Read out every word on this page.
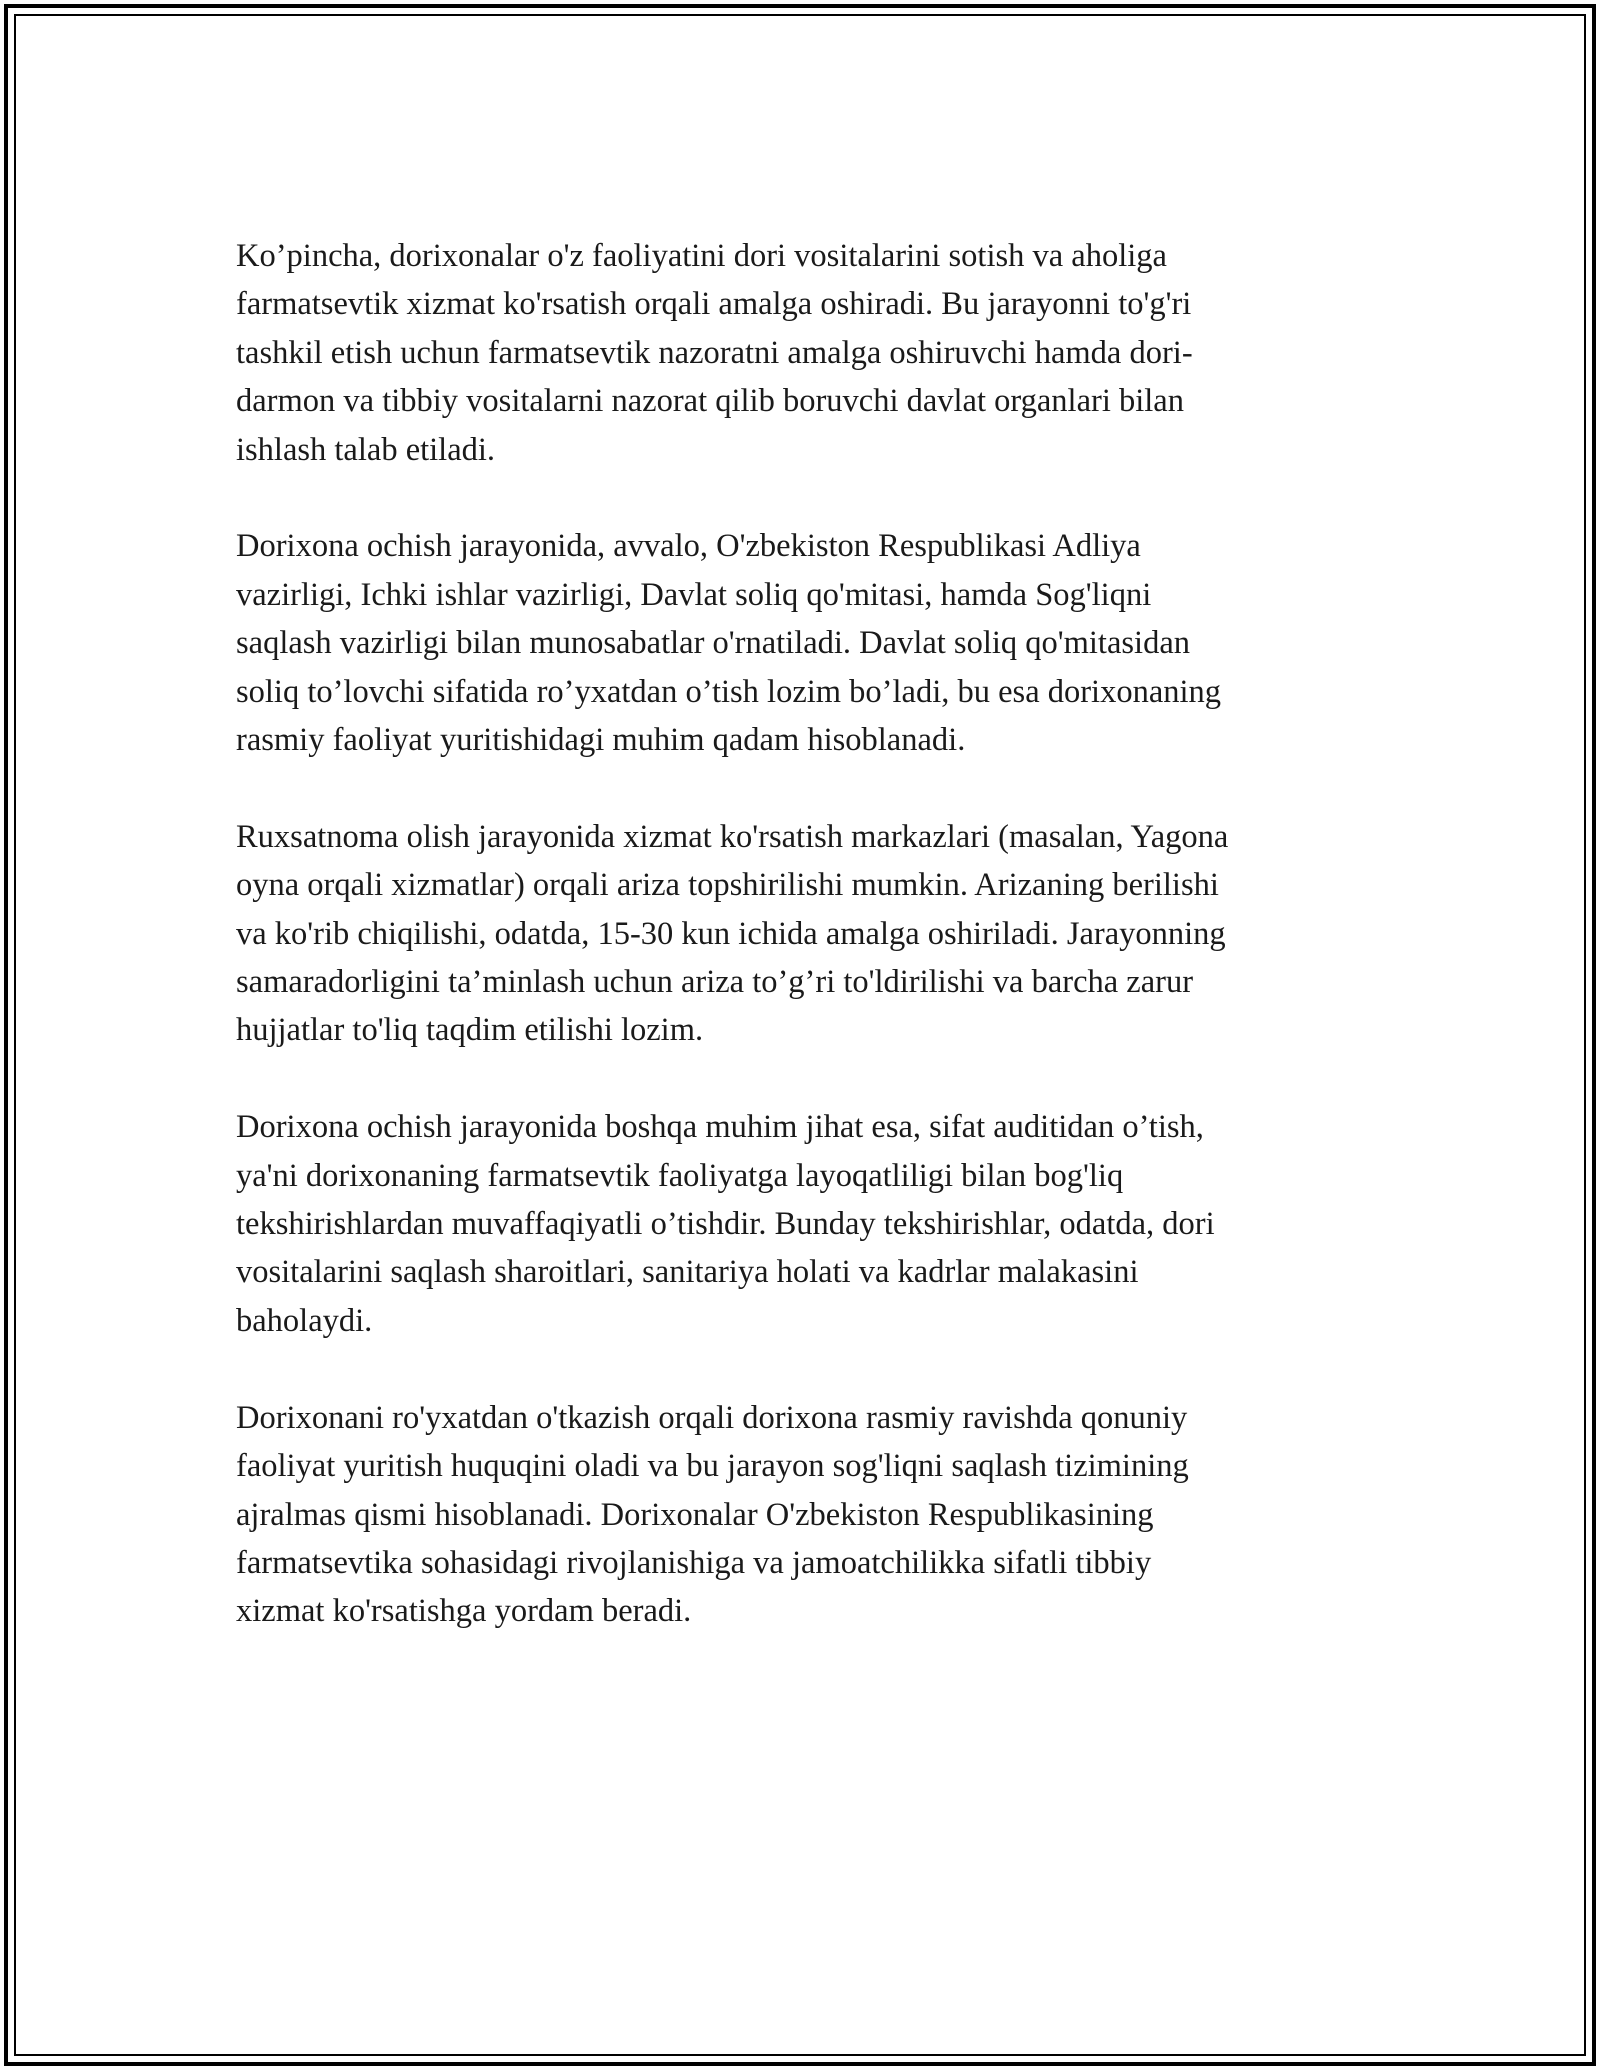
Ko’pincha, dorixonalar o'z faoliyatini dori vositalarini sotish va aholiga
farmatsevtik xizmat ko'rsatish orqali amalga oshiradi. Bu jarayonni to'g'ri
tashkil etish uchun farmatsevtik nazoratni amalga oshiruvchi hamda dori-
darmon va tibbiy vositalarni nazorat qilib boruvchi davlat organlari bilan
ishlash talab etiladi.

Dorixona ochish jarayonida, avvalo, O'zbekiston Respublikasi Adliya
vazirligi, Ichki ishlar vazirligi, Davlat soliq qo'mitasi, hamda Sog'liqni
saqlash vazirligi bilan munosabatlar o'rnatiladi. Davlat soliq qo'mitasidan
soliq to’lovchi sifatida ro’yxatdan o’tish lozim bo’ladi, bu esa dorixonaning
rasmiy faoliyat yuritishidagi muhim qadam hisoblanadi.

Ruxsatnoma olish jarayonida xizmat ko'rsatish markazlari (masalan, Yagona
oyna orqali xizmatlar) orqali ariza topshirilishi mumkin. Arizaning berilishi
va ko'rib chiqilishi, odatda, 15-30 kun ichida amalga oshiriladi. Jarayonning
samaradorligini ta’minlash uchun ariza to’g’ri to'ldirilishi va barcha zarur
hujjatlar to'liq taqdim etilishi lozim.

Dorixona ochish jarayonida boshqa muhim jihat esa, sifat auditidan o’tish,
ya'ni dorixonaning farmatsevtik faoliyatga layoqatliligi bilan bog'liq
tekshirishlardan muvaffaqiyatli o’tishdir. Bunday tekshirishlar, odatda, dori
vositalarini saqlash sharoitlari, sanitariya holati va kadrlar malakasini
baholaydi.

Dorixonani ro'yxatdan o'tkazish orqali dorixona rasmiy ravishda qonuniy
faoliyat yuritish huquqini oladi va bu jarayon sog'liqni saqlash tizimining
ajralmas qismi hisoblanadi. Dorixonalar O'zbekiston Respublikasining
farmatsevtika sohasidagi rivojlanishiga va jamoatchilikka sifatli tibbiy
xizmat ko'rsatishga yordam beradi.
